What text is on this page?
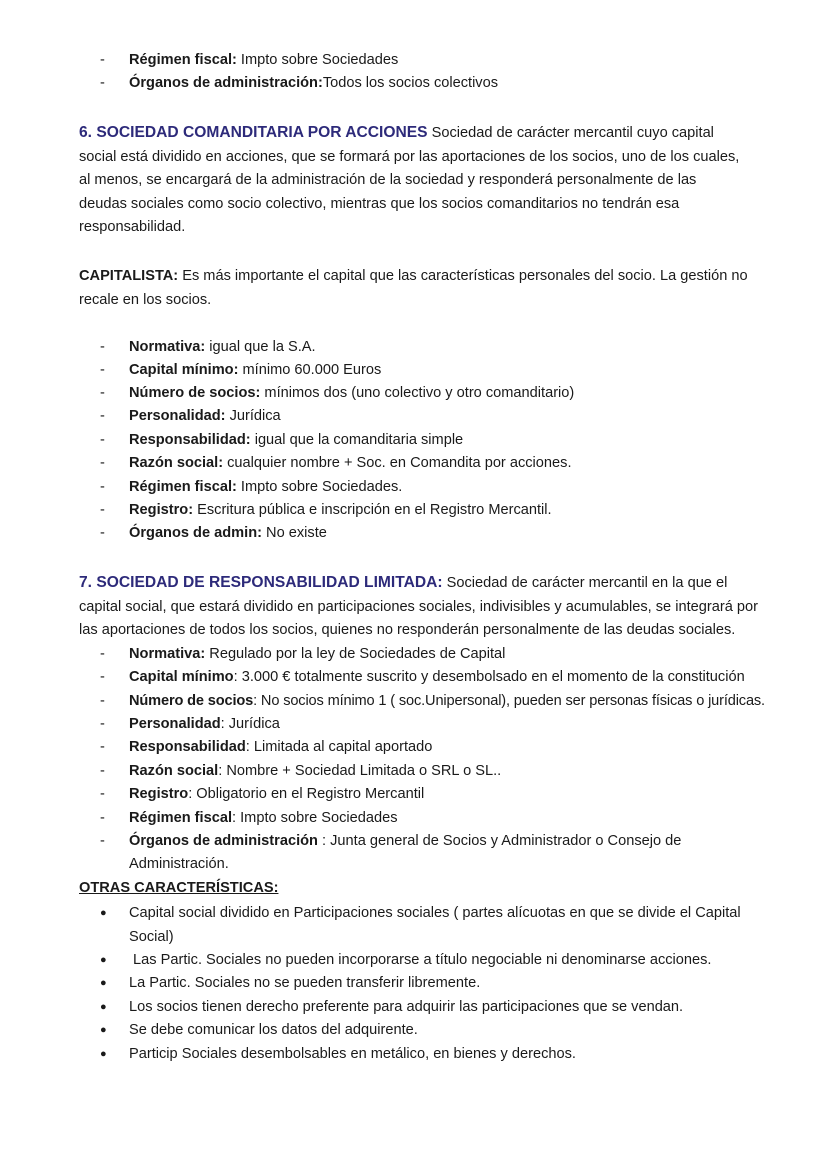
- Régimen fiscal: Impto sobre Sociedades
- Órganos de administración:Todos los socios colectivos

6. SOCIEDAD COMANDITARIA POR ACCIONES Sociedad de carácter mercantil cuyo capital

social está dividido en acciones, que se formará por las aportaciones de los socios, uno de los cuales,

al menos, se encargará de la administración de la sociedad y responderá personalmente de las

deudas sociales como socio colectivo, mientras que los socios comanditarios no tendrán esa

responsabilidad.

CAPITALISTA: Es más importante el capital que las características personales del socio. La gestión no

recale en los socios.

- Normativa: igual que la S.A.
- Capital mínimo: mínimo 60.000 Euros
- Número de socios: mínimos dos (uno colectivo y otro comanditario)
- Personalidad: Jurídica
- Responsabilidad: igual que la comanditaria simple
- Razón social: cualquier nombre + Soc. en Comandita por acciones.
- Régimen fiscal: Impto sobre Sociedades.
- Registro: Escritura pública e inscripción en el Registro Mercantil.
- Órganos de admin: No existe

7. SOCIEDAD DE RESPONSABILIDAD LIMITADA: Sociedad de carácter mercantil en la que el

capital social, que estará dividido en participaciones sociales, indivisibles y acumulables, se integrará por

las aportaciones de todos los socios, quienes no responderán personalmente de las deudas sociales.

- Normativa: Regulado por la ley de Sociedades de Capital
- Capital mínimo: 3.000 € totalmente suscrito y desembolsado en el momento de la constitución
- Número de socios: No socios mínimo 1 ( soc.Unipersonal), pueden ser personas físicas o jurídicas.
- Personalidad: Jurídica
- Responsabilidad: Limitada al capital aportado
- Razón social: Nombre + Sociedad Limitada o SRL o SL..
- Registro: Obligatorio en el Registro Mercantil
- Régimen fiscal: Impto sobre Sociedades
- Órganos de administración : Junta general de Socios y Administrador o Consejo de
Administración.
OTRAS CARACTERÍSTICAS:
● Capital social dividido en Participaciones sociales ( partes alícuotas en que se divide el Capital
Social)
● Las Partic. Sociales no pueden incorporarse a título negociable ni denominarse acciones.
● La Partic. Sociales no se pueden transferir libremente.
● Los socios tienen derecho preferente para adquirir las participaciones que se vendan.
● Se debe comunicar los datos del adquirente.
● Particip Sociales desembolsables en metálico, en bienes y derechos.
